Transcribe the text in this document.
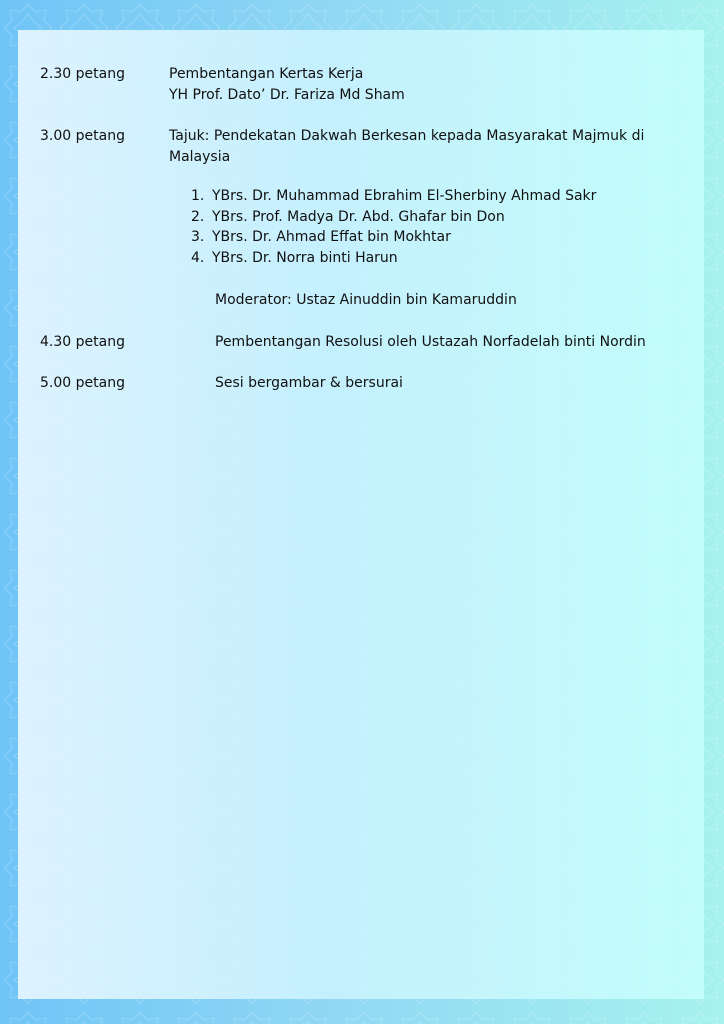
2.30 petang	Pembentangan Kertas Kerja
YH Prof. Dato’ Dr. Fariza Md Sham
3.00 petang	Tajuk: Pendekatan Dakwah Berkesan kepada Masyarakat Majmuk di
Malaysia
1. YBrs. Dr. Muhammad Ebrahim El-Sherbiny Ahmad Sakr
2. YBrs. Prof. Madya Dr. Abd. Ghafar bin Don
3. YBrs. Dr. Ahmad Effat bin Mokhtar
4. YBrs. Dr. Norra binti Harun
Moderator: Ustaz Ainuddin bin Kamaruddin
4.30 petang	Pembentangan Resolusi oleh Ustazah Norfadelah binti Nordin
5.00 petang	Sesi bergambar & bersurai
